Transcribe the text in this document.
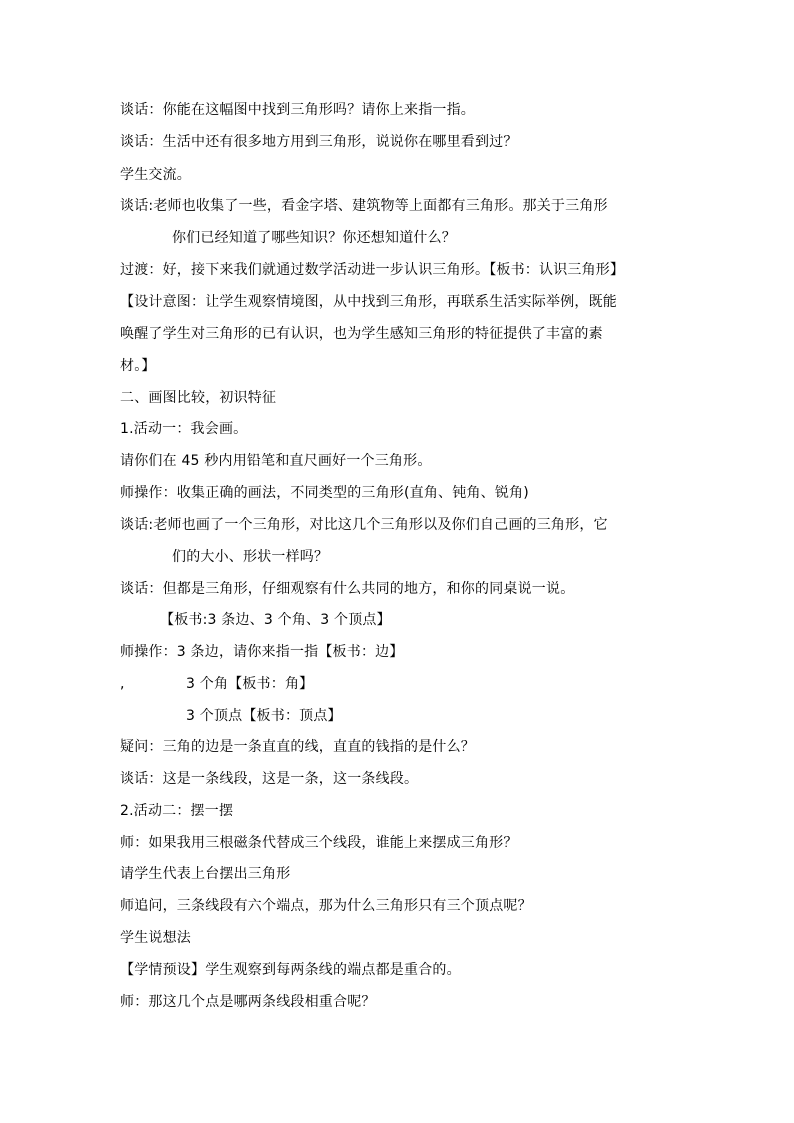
谈话：你能在这幅图中找到三角形吗？请你上来指一指。
谈话：生活中还有很多地方用到三角形，说说你在哪里看到过？
学生交流。
谈话:老师也收集了一些，看金字塔、建筑物等上面都有三角形。那关于三角形
你们已经知道了哪些知识？你还想知道什么？
过渡：好，接下来我们就通过数学活动进一步认识三角形。【板书：认识三角形】
【设计意图：让学生观察情境图，从中找到三角形，再联系生活实际举例，既能
唤醒了学生对三角形的已有认识，也为学生感知三角形的特征提供了丰富的素
材。】
二、画图比较，初识特征
1.活动一：我会画。
请你们在 45 秒内用铅笔和直尺画好一个三角形。
师操作：收集正确的画法，不同类型的三角形(直角、钝角、锐角)
谈话:老师也画了一个三角形，对比这几个三角形以及你们自己画的三角形，它
们的大小、形状一样吗？
谈话：但都是三角形，仔细观察有什么共同的地方，和你的同桌说一说。
【板书:3 条边、3 个角、3 个顶点】
师操作：3 条边，请你来指一指【板书：边】
,	3 个角【板书：角】
3 个顶点【板书：顶点】
疑问：三角的边是一条直直的线，直直的钱指的是什么？
谈话：这是一条线段，这是一条，这一条线段。
2.活动二：摆一摆
师：如果我用三根磁条代替成三个线段，谁能上来摆成三角形？
请学生代表上台摆出三角形
师追问，三条线段有六个端点，那为什么三角形只有三个顶点呢？
学生说想法
【学情预设】学生观察到每两条线的端点都是重合的。
师：那这几个点是哪两条线段相重合呢？
